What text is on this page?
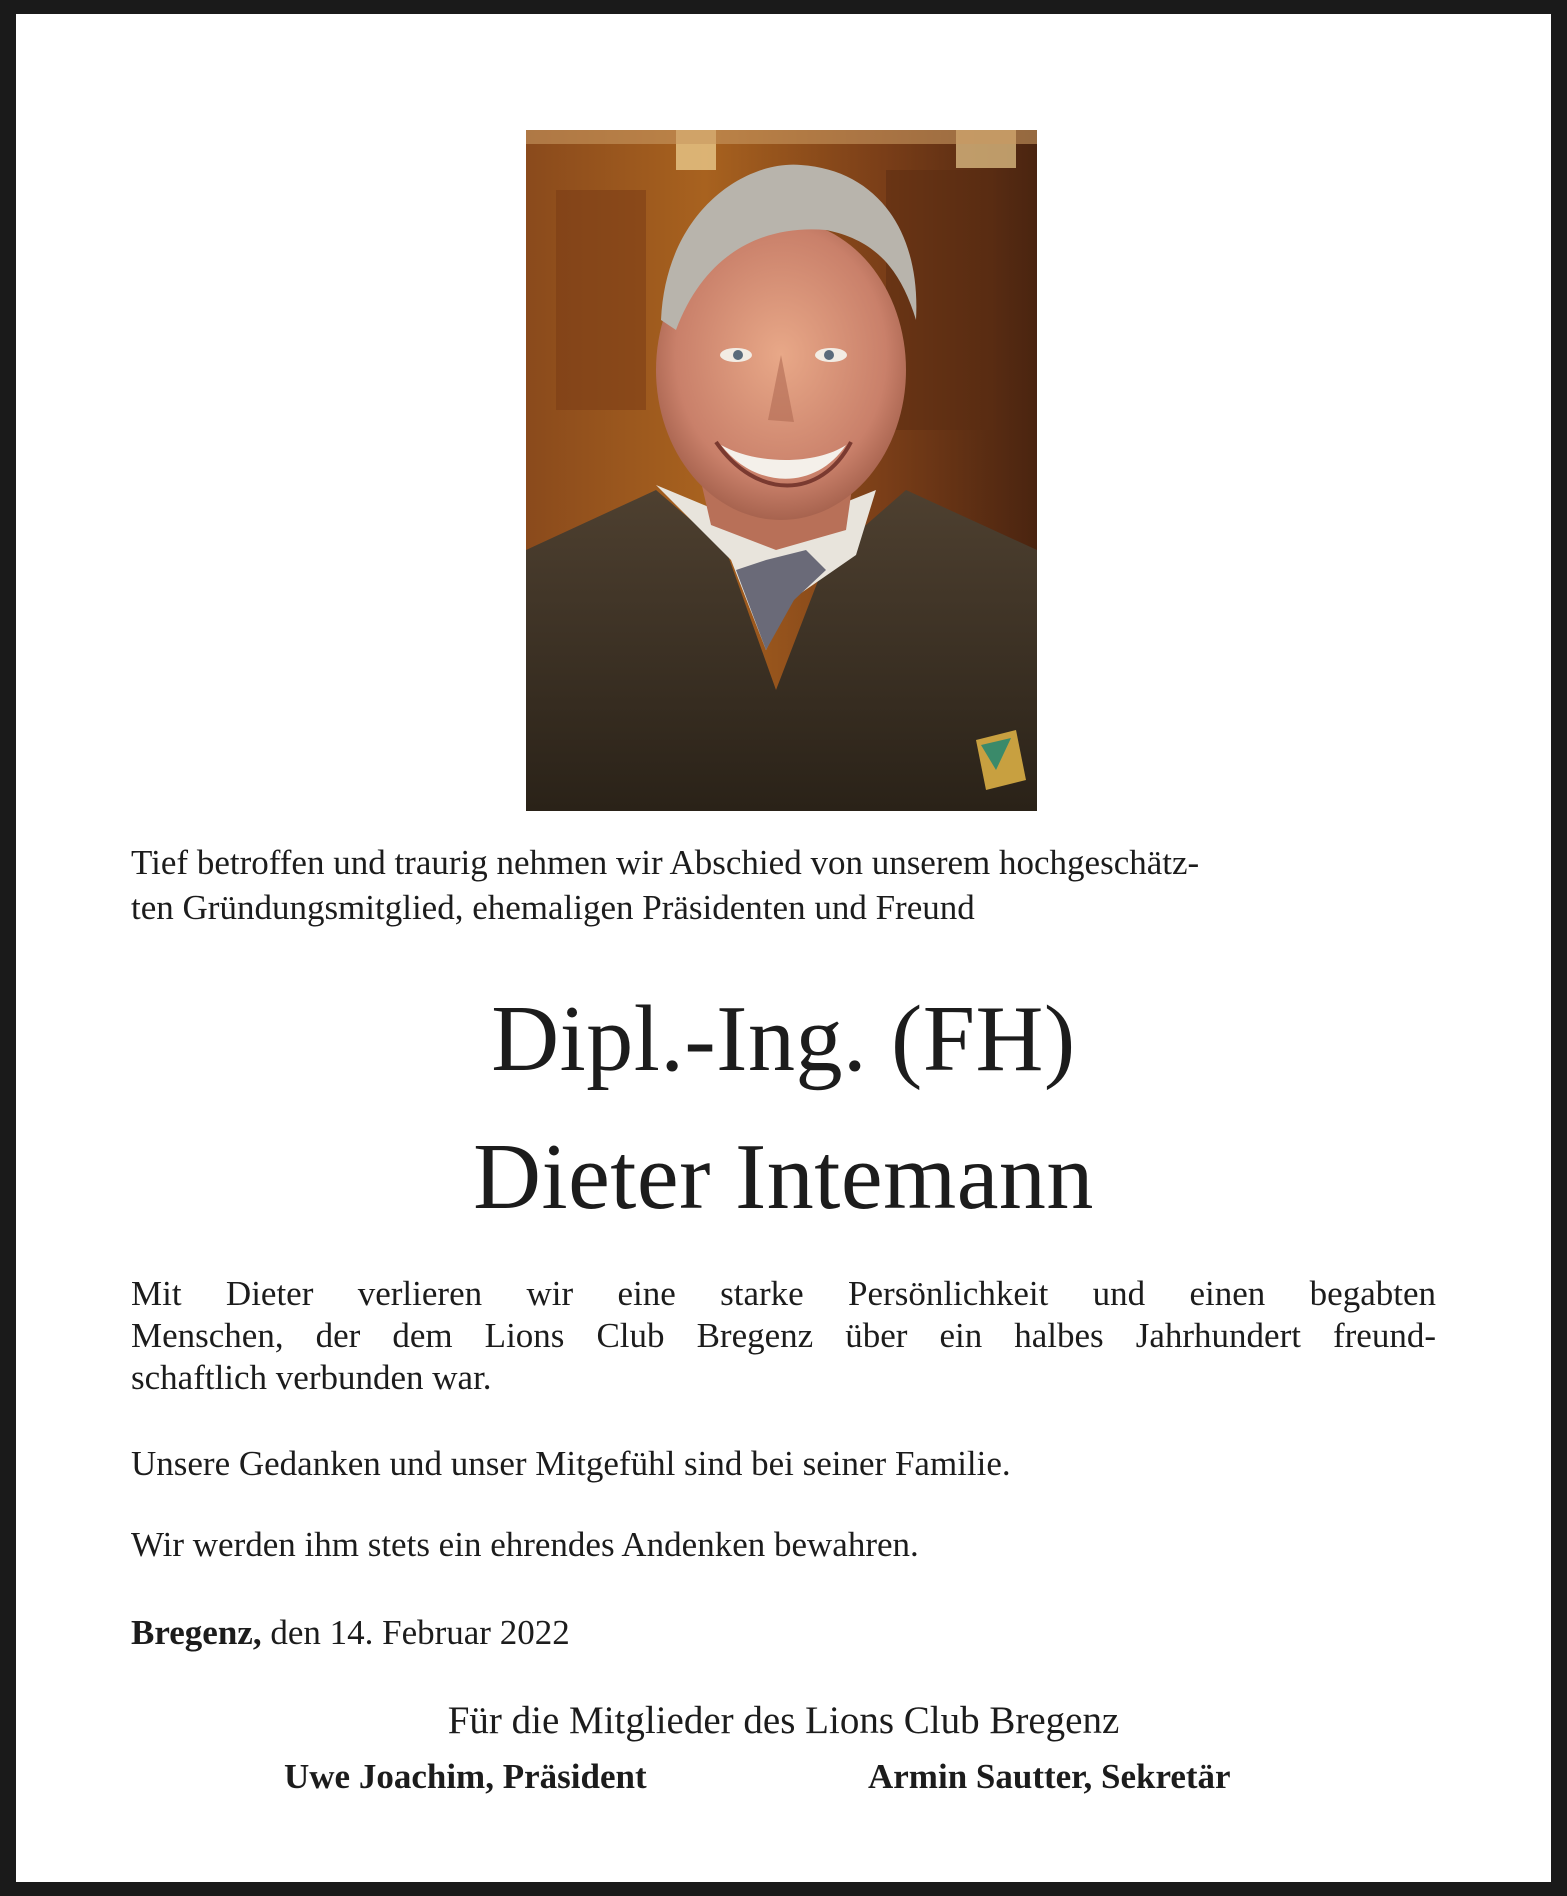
Tief betroffen und traurig nehmen wir Abschied von unserem hochgeschätz-

ten Gründungsmitglied, ehemaligen Präsidenten und Freund

Dipl.-Ing. (FH)
Dieter Intemann

Mit Dieter verlieren wir eine starke Persönlichkeit und einen begabten

Menschen, der dem Lions Club Bregenz über ein halbes Jahrhundert freund-

schaftlich verbunden war.

Unsere Gedanken und unser Mitgefühl sind bei seiner Familie.
Wir werden ihm stets ein ehrendes Andenken bewahren.
Bregenz, den 14. Februar 2022
Für die Mitglieder des Lions Club Bregenz
Uwe Joachim, Präsident	Armin Sautter, Sekretär
